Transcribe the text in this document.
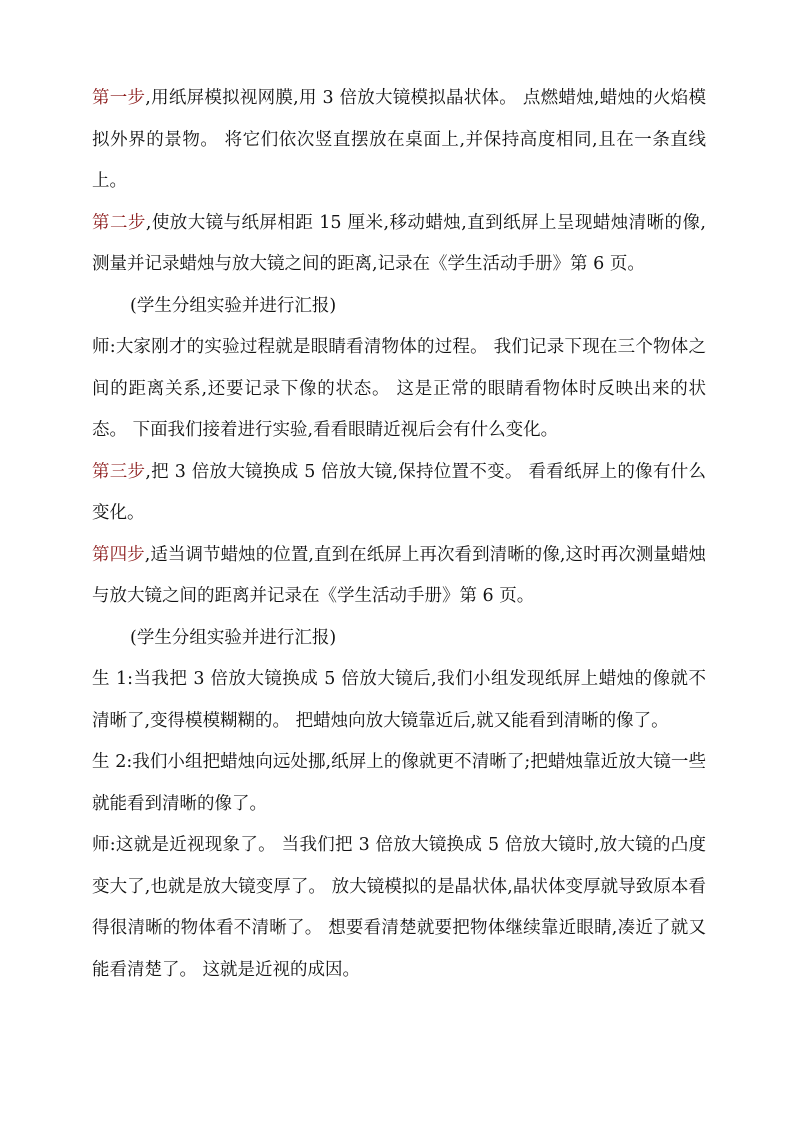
第一步,用纸屏模拟视网膜,用 3 倍放大镜模拟晶状体。 点燃蜡烛,蜡烛的火焰模拟外界的景物。 将它们依次竖直摆放在桌面上,并保持高度相同,且在一条直线上。

第二步,使放大镜与纸屏相距 15 厘米,移动蜡烛,直到纸屏上呈现蜡烛清晰的像,测量并记录蜡烛与放大镜之间的距离,记录在《学生活动手册》第 6 页。

(学生分组实验并进行汇报)

师:大家刚才的实验过程就是眼睛看清物体的过程。 我们记录下现在三个物体之间的距离关系,还要记录下像的状态。 这是正常的眼睛看物体时反映出来的状态。 下面我们接着进行实验,看看眼睛近视后会有什么变化。

第三步,把 3 倍放大镜换成 5 倍放大镜,保持位置不变。 看看纸屏上的像有什么变化。

第四步,适当调节蜡烛的位置,直到在纸屏上再次看到清晰的像,这时再次测量蜡烛与放大镜之间的距离并记录在《学生活动手册》第 6 页。

(学生分组实验并进行汇报)

生 1:当我把 3 倍放大镜换成 5 倍放大镜后,我们小组发现纸屏上蜡烛的像就不清晰了,变得模模糊糊的。 把蜡烛向放大镜靠近后,就又能看到清晰的像了。

生 2:我们小组把蜡烛向远处挪,纸屏上的像就更不清晰了;把蜡烛靠近放大镜一些就能看到清晰的像了。

师:这就是近视现象了。 当我们把 3 倍放大镜换成 5 倍放大镜时,放大镜的凸度变大了,也就是放大镜变厚了。 放大镜模拟的是晶状体,晶状体变厚就导致原本看得很清晰的物体看不清晰了。 想要看清楚就要把物体继续靠近眼睛,凑近了就又能看清楚了。 这就是近视的成因。
